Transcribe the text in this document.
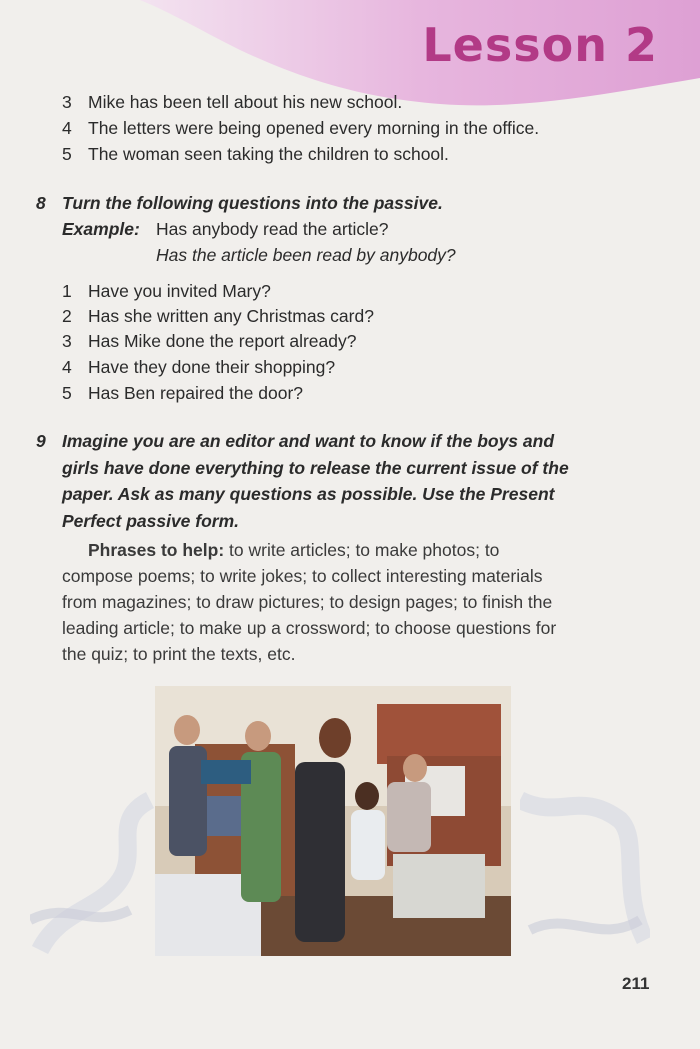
Lesson 2
3 Mike has been tell about his new school.
4 The letters were being opened every morning in the office.
5 The woman seen taking the children to school.
8 Turn the following questions into the passive.
Example: Has anybody read the article?
Has the article been read by anybody?
1 Have you invited Mary?
2 Has she written any Christmas card?
3 Has Mike done the report already?
4 Have they done their shopping?
5 Has Ben repaired the door?
9 Imagine you are an editor and want to know if the boys and
girls have done everything to release the current issue of the
paper. Ask as many questions as possible. Use the Present
Perfect passive form.
Phrases to help: to write articles; to make photos; to
compose poems; to write jokes; to collect interesting materials
from magazines; to draw pictures; to design pages; to finish the
leading article; to make up a crossword; to choose questions for
the quiz; to print the texts, etc.
211
